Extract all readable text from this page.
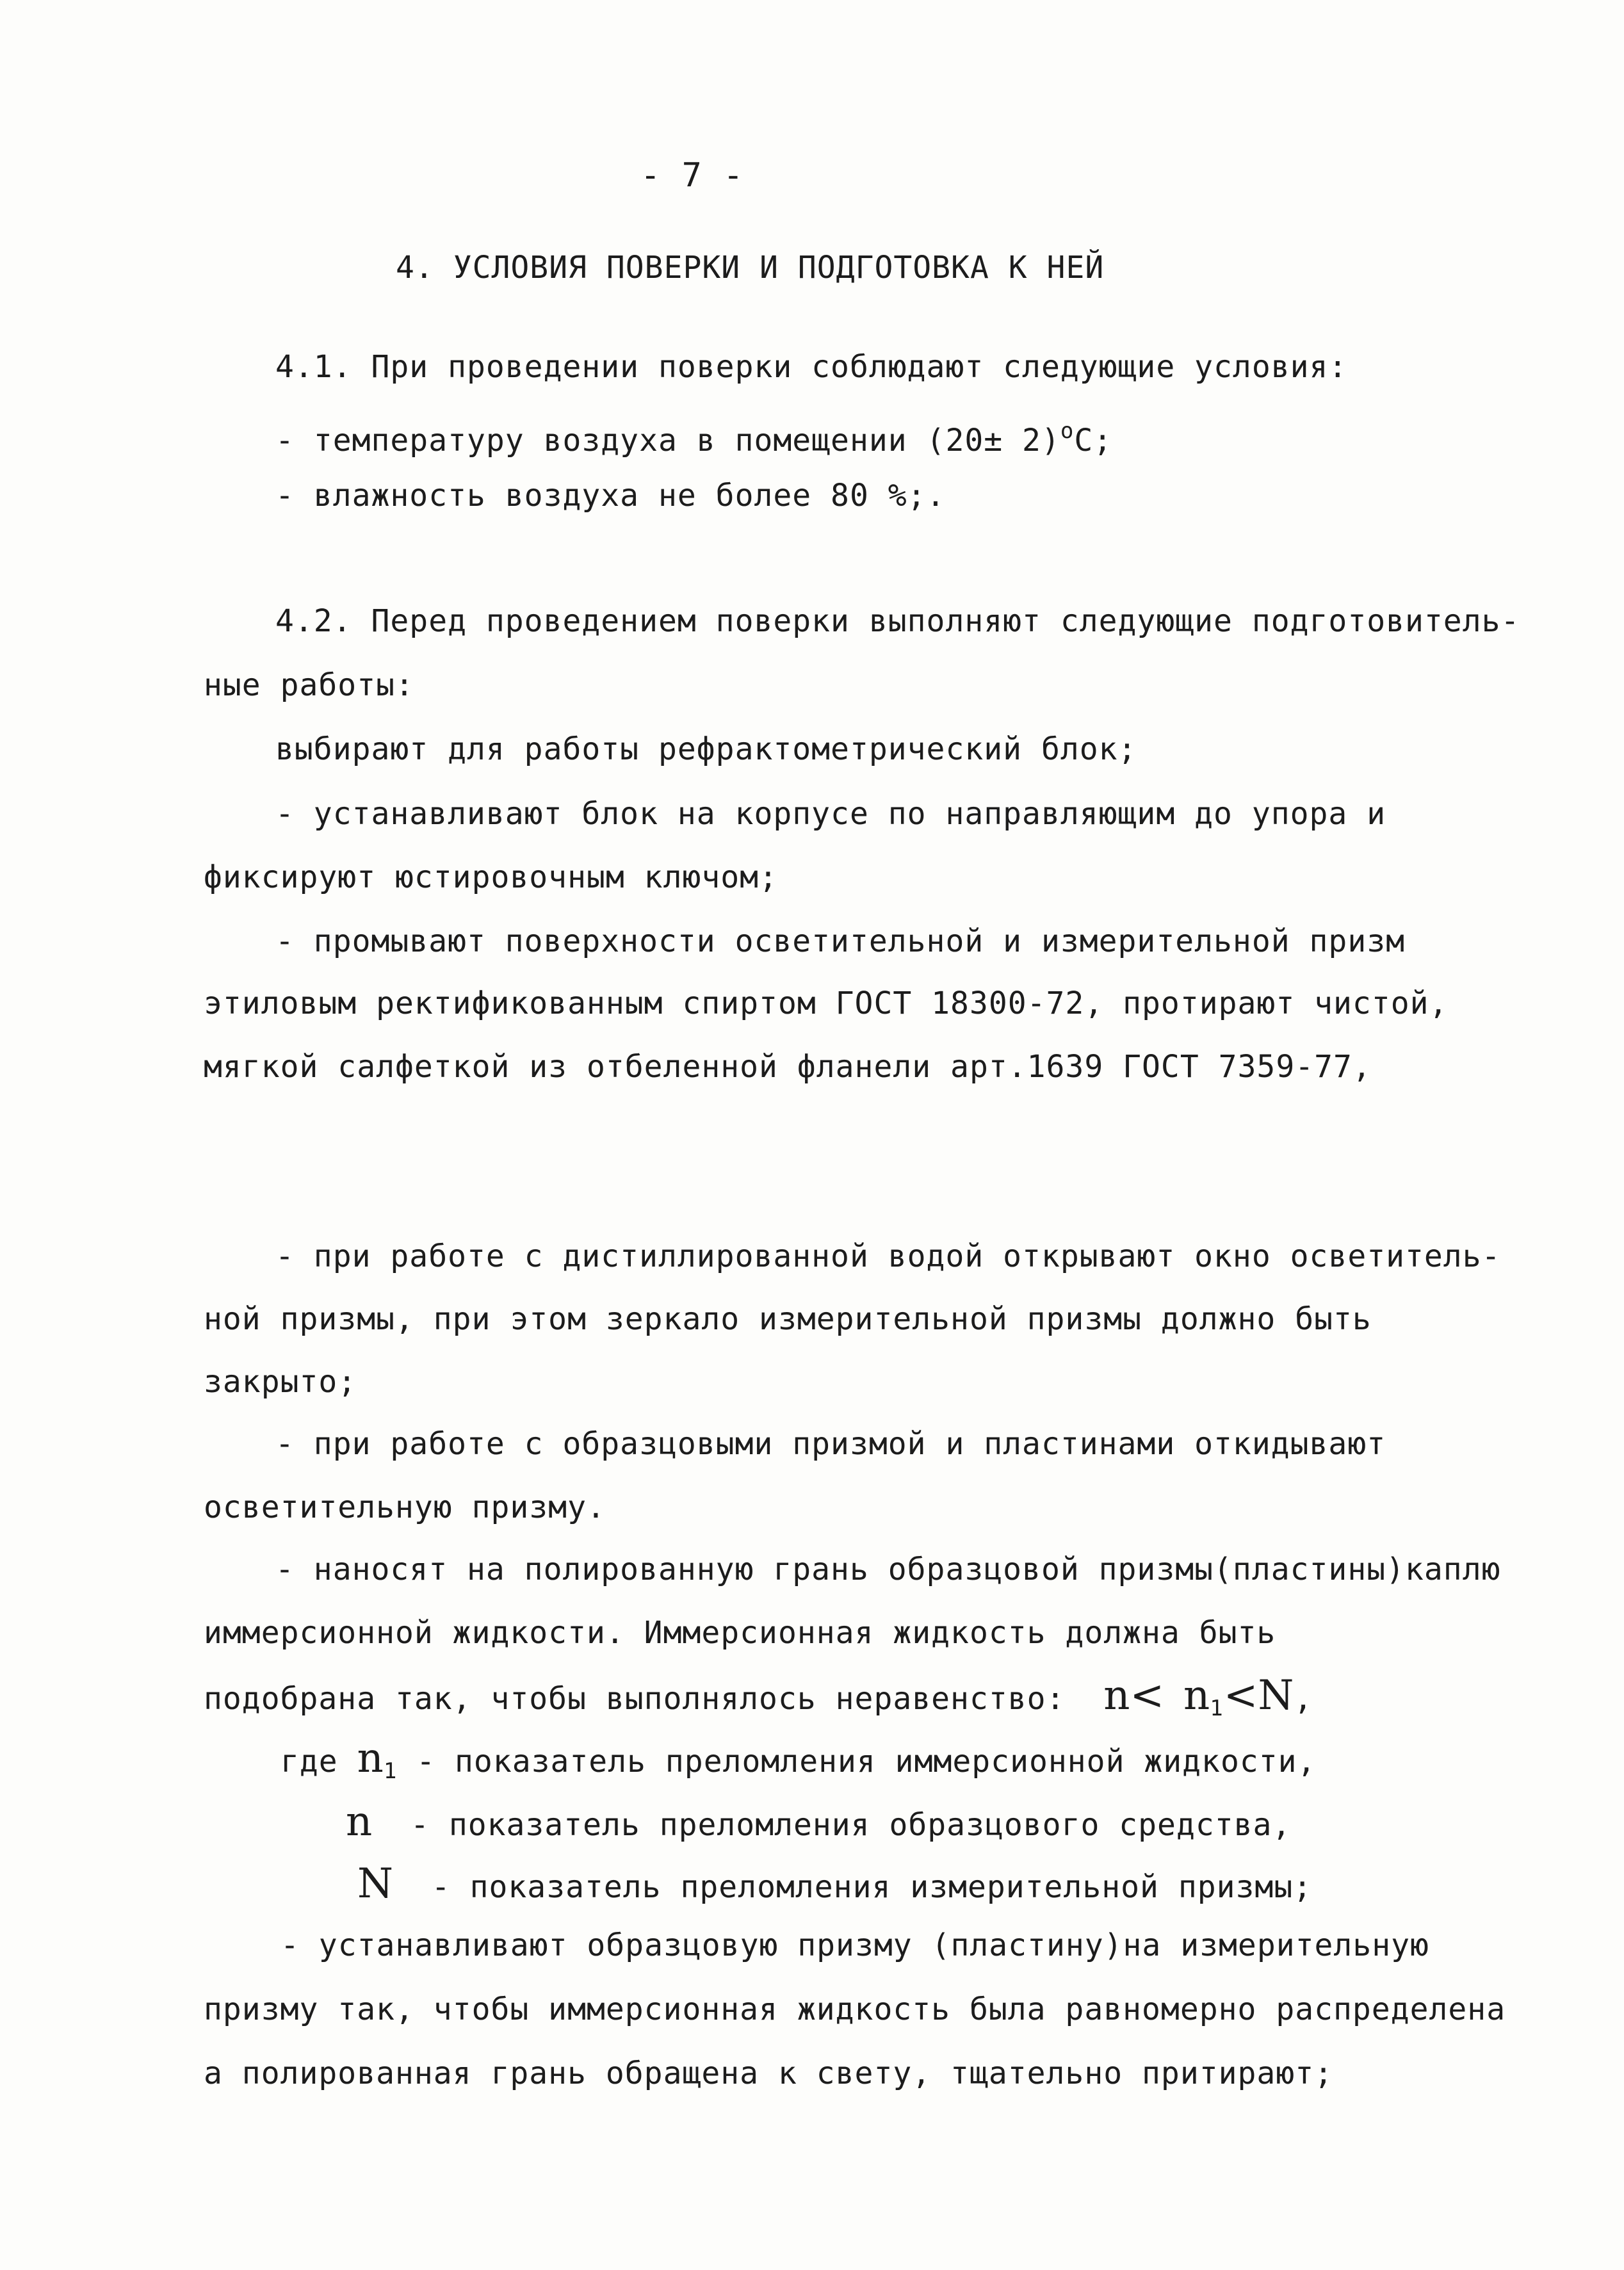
- 7 -
4. УСЛОВИЯ ПОВЕРКИ И ПОДГОТОВКА К НЕЙ
4.1. При проведении поверки соблюдают следующие условия:
- температуру воздуха в помещении $(20\pm 2)^oС$;
- влажность воздуха не более 80 %;.
4.2. Перед проведением поверки выполняют следующие подготовитель-
ные работы:
выбирают для работы рефрактометрический блок;
- устанавливают блок на корпусе по направляющим до упора и
фиксируют юстировочным ключом;
- промывают поверхности осветительной и измерительной призм
этиловым ректификованным спиртом ГОСТ 18300-72, протирают чистой,
мягкой салфеткой из отбеленной фланели арт.1639 ГОСТ 7359-77,
- при работе с дистиллированной водой открывают окно осветитель-
ной призмы, при этом зеркало измерительной призмы должно быть
закрыто;
- при работе с образцовыми призмой и пластинами откидывают
осветительную призму.
- наносят на полированную грань образцовой призмы(пластины)каплю
иммерсионной жидкости. Иммерсионная жидкость должна быть
подобрана так, чтобы выполнялось неравенство: $n< n_1<N$,
где $n_1$ - показатель преломления иммерсионной жидкости,
n - показатель преломления образцового средства,
N - показатель преломления измерительной призмы;
- устанавливают образцовую призму (пластину)на измерительную
призму так, чтобы иммерсионная жидкость была равномерно распределена
а полированная грань обращена к свету, тщательно притирают;
